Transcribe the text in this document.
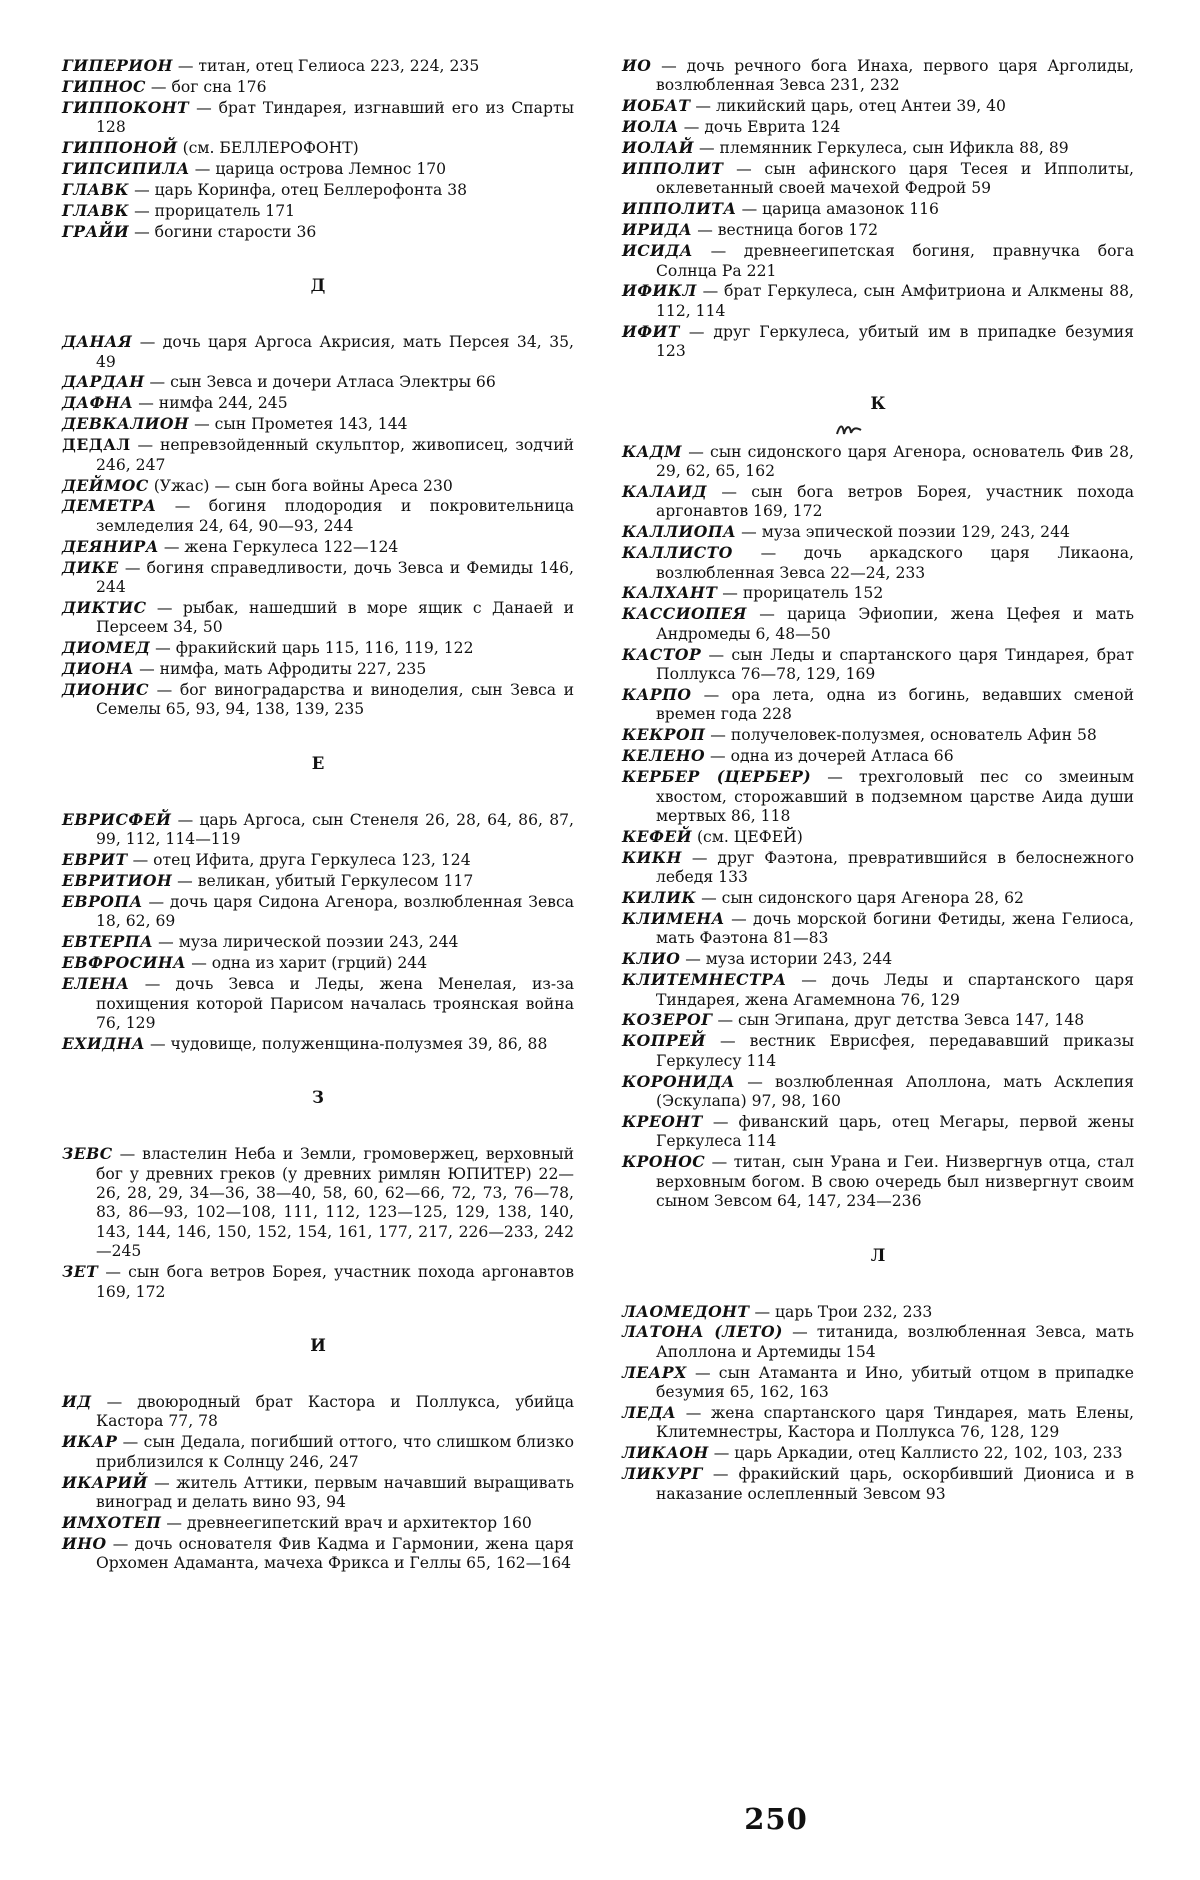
ГИПЕРИОН — титан, отец Гелиоса 223, 224, 235

ГИПНОС — бог сна 176

ГИППОКОНТ — брат Тиндарея, изгнавший его из Спарты 128

ГИППОНОЙ (см. БЕЛЛЕРОФОНТ)

ГИПСИПИЛА — царица острова Лемнос 170

ГЛАВК — царь Коринфа, отец Беллерофонта 38

ГЛАВК — прорицатель 171

ГРАЙИ — богини старости 36

Д

ДАНАЯ — дочь царя Аргоса Акрисия, мать Персея 34, 35, 49

ДАРДАН — сын Зевса и дочери Атласа Электры 66

ДАФНА — нимфа 244, 245

ДЕВКАЛИОН — сын Прометея 143, 144

ДЕДАЛ — непревзойденный скульптор, живописец, зодчий 246, 247

ДЕЙМОС (Ужас) — сын бога войны Ареса 230

ДЕМЕТРА — богиня плодородия и покровительница земледелия 24, 64, 90—93, 244

ДЕЯНИРА — жена Геркулеса 122—124

ДИКЕ — богиня справедливости, дочь Зевса и Фемиды 146, 244

ДИКТИС — рыбак, нашедший в море ящик с Данаей и Персеем 34, 50

ДИОМЕД — фракийский царь 115, 116, 119, 122

ДИОНА — нимфа, мать Афродиты 227, 235

ДИОНИС — бог виноградарства и виноделия, сын Зевса и Семелы 65, 93, 94, 138, 139, 235

Е

ЕВРИСФЕЙ — царь Аргоса, сын Стенеля 26, 28, 64, 86, 87, 99, 112, 114—119

ЕВРИТ — отец Ифита, друга Геркулеса 123, 124

ЕВРИТИОН — великан, убитый Геркулесом 117

ЕВРОПА — дочь царя Сидона Агенора, возлюбленная Зевса 18, 62, 69

ЕВТЕРПА — муза лирической поэзии 243, 244

ЕВФРОСИНА — одна из харит (грций) 244

ЕЛЕНА — дочь Зевса и Леды, жена Менелая, из-за похищения которой Парисом началась троянская война 76, 129

ЕХИДНА — чудовище, полуженщина-полузмея 39, 86, 88

З

ЗЕВС — властелин Неба и Земли, громовержец, верховный бог у древних греков (у древних римлян ЮПИТЕР) 22—26, 28, 29, 34—36, 38—40, 58, 60, 62—66, 72, 73, 76—78, 83, 86—93, 102—108, 111, 112, 123—125, 129, 138, 140, 143, 144, 146, 150, 152, 154, 161, 177, 217, 226—233, 242—245

ЗЕТ — сын бога ветров Борея, участник похода аргонавтов 169, 172

И

ИД — двоюродный брат Кастора и Поллукса, убийца Кастора 77, 78

ИКАР — сын Дедала, погибший оттого, что слишком близко приблизился к Солнцу 246, 247

ИКАРИЙ — житель Аттики, первым начавший выращивать виноград и делать вино 93, 94

ИМХОТЕП — древнеегипетский врач и архитектор 160

ИНО — дочь основателя Фив Кадма и Гармонии, жена царя Орхомен Адаманта, мачеха Фрикса и Геллы 65, 162—164

ИО — дочь речного бога Инаха, первого царя Арголиды, возлюбленная Зевса 231, 232

ИОБАТ — ликийский царь, отец Антеи 39, 40

ИОЛА — дочь Еврита 124

ИОЛАЙ — племянник Геркулеса, сын Ификла 88, 89

ИППОЛИТ — сын афинского царя Тесея и Ипполиты, оклеветанный своей мачехой Федрой 59

ИППОЛИТА — царица амазонок 116

ИРИДА — вестница богов 172

ИСИДА — древнеегипетская богиня, правнучка бога Солнца Ра 221

ИФИКЛ — брат Геркулеса, сын Амфитриона и Алкмены 88, 112, 114

ИФИТ — друг Геркулеса, убитый им в припадке безумия 123

К

КАДМ — сын сидонского царя Агенора, основатель Фив 28, 29, 62, 65, 162

КАЛАИД — сын бога ветров Борея, участник похода аргонавтов 169, 172

КАЛЛИОПА — муза эпической поэзии 129, 243, 244

КАЛЛИСТО — дочь аркадского царя Ликаона, возлюбленная Зевса 22—24, 233

КАЛХАНТ — прорицатель 152

КАССИОПЕЯ — царица Эфиопии, жена Цефея и мать Андромеды 6, 48—50

КАСТОР — сын Леды и спартанского царя Тиндарея, брат Поллукса 76—78, 129, 169

КАРПО — ора лета, одна из богинь, ведавших сменой времен года 228

КЕКРОП — получеловек-полузмея, основатель Афин 58

КЕЛЕНО — одна из дочерей Атласа 66

КЕРБЕР (ЦЕРБЕР) — трехголовый пес со змеиным хвостом, сторожавший в подземном царстве Аида души мертвых 86, 118

КЕФЕЙ (см. ЦЕФЕЙ)

КИКН — друг Фаэтона, превратившийся в белоснежного лебедя 133

КИЛИК — сын сидонского царя Агенора 28, 62

КЛИМЕНА — дочь морской богини Фетиды, жена Гелиоса, мать Фаэтона 81—83

КЛИО — муза истории 243, 244

КЛИТЕМНЕСТРА — дочь Леды и спартанского царя Тиндарея, жена Агамемнона 76, 129

КОЗЕРОГ — сын Эгипана, друг детства Зевса 147, 148

КОПРЕЙ — вестник Еврисфея, передававший приказы Геркулесу 114

КОРОНИДА — возлюбленная Аполлона, мать Асклепия (Эскулапа) 97, 98, 160

КРЕОНТ — фиванский царь, отец Мегары, первой жены Геркулеса 114

КРОНОС — титан, сын Урана и Геи. Низвергнув отца, стал верховным богом. В свою очередь был низвергнут своим сыном Зевсом 64, 147, 234—236

Л

ЛАОМЕДОНТ — царь Трои 232, 233

ЛАТОНА (ЛЕТО) — титанида, возлюбленная Зевса, мать Аполлона и Артемиды 154

ЛЕАРХ — сын Атаманта и Ино, убитый отцом в припадке безумия 65, 162, 163

ЛЕДА — жена спартанского царя Тиндарея, мать Елены, Клитемнестры, Кастора и Поллукса 76, 128, 129

ЛИКАОН — царь Аркадии, отец Каллисто 22, 102, 103, 233

ЛИКУРГ — фракийский царь, оскорбивший Диониса и в наказание ослепленный Зевсом 93

250
